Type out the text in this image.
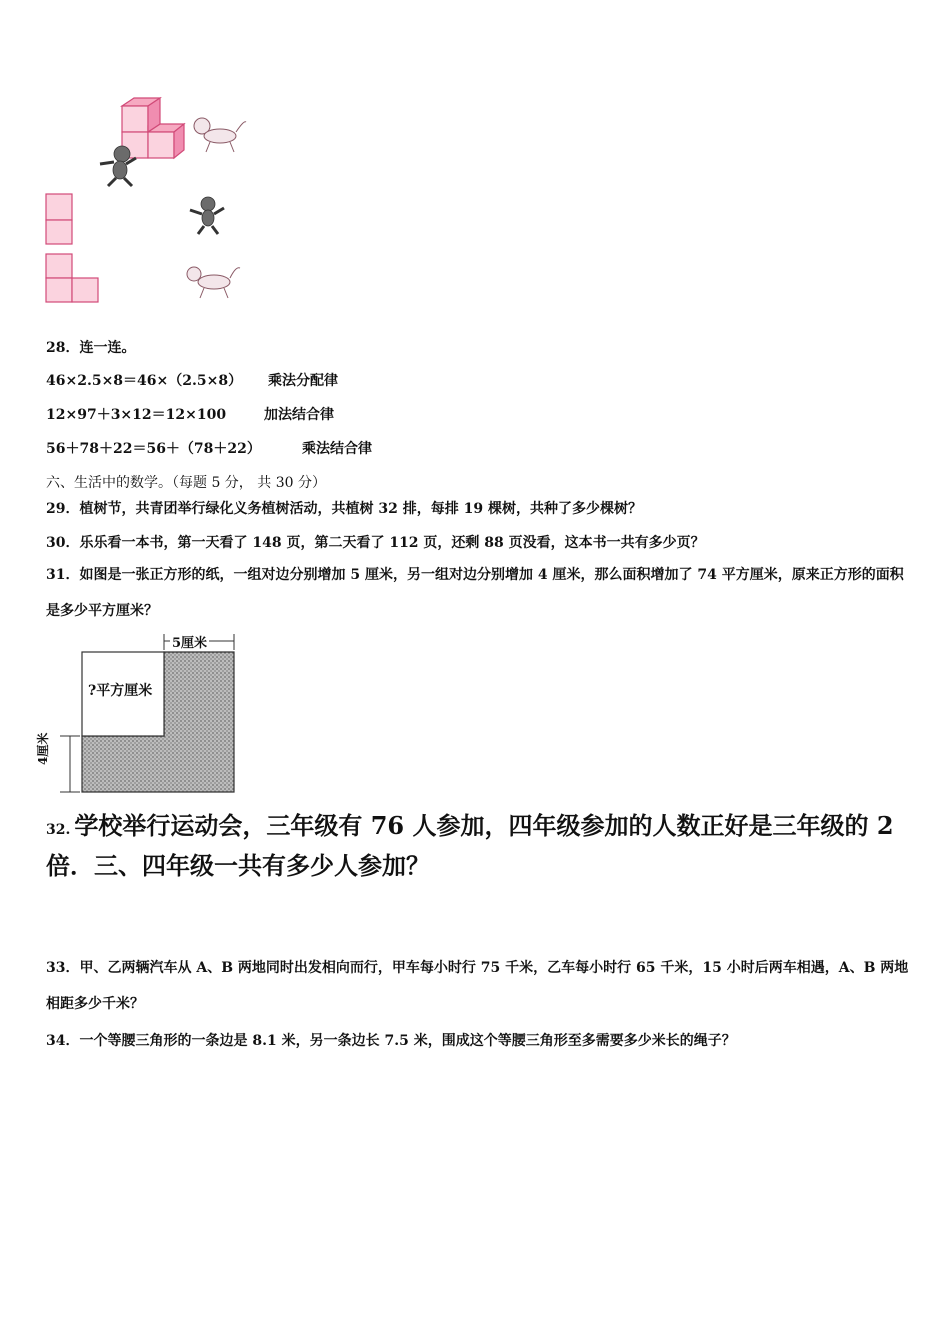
28．连一连。
46×2.5×8＝46×（2.5×8） 乘法分配律
12×97＋3×12＝12×100	加法结合律
56＋78＋22＝56＋（78＋22）	乘法结合律
六、生活中的数学。（每题 5 分， 共 30 分）
29．植树节，共青团举行绿化义务植树活动，共植树 32 排，每排 19 棵树，共种了多少棵树？
30．乐乐看一本书，第一天看了 148 页，第二天看了 112 页，还剩 88 页没看，这本书一共有多少页？
31．如图是一张正方形的纸，一组对边分别增加 5 厘米，另一组对边分别增加 4 厘米，那么面积增加了 74 平方厘米，原来正方形的面积是多少平方厘米？
5厘米
?平方厘米
4厘米
32. 学校举行运动会，三年级有 76 人参加，四年级参加的人数正好是三年级的 2 倍．三、四年级一共有多少人参加？
33．甲、乙两辆汽车从 A、B 两地同时出发相向而行，甲车每小时行 75 千米，乙车每小时行 65 千米，15 小时后两车相遇，A、B 两地相距多少千米？
34．一个等腰三角形的一条边是 8.1 米，另一条边长 7.5 米，围成这个等腰三角形至多需要多少米长的绳子？
